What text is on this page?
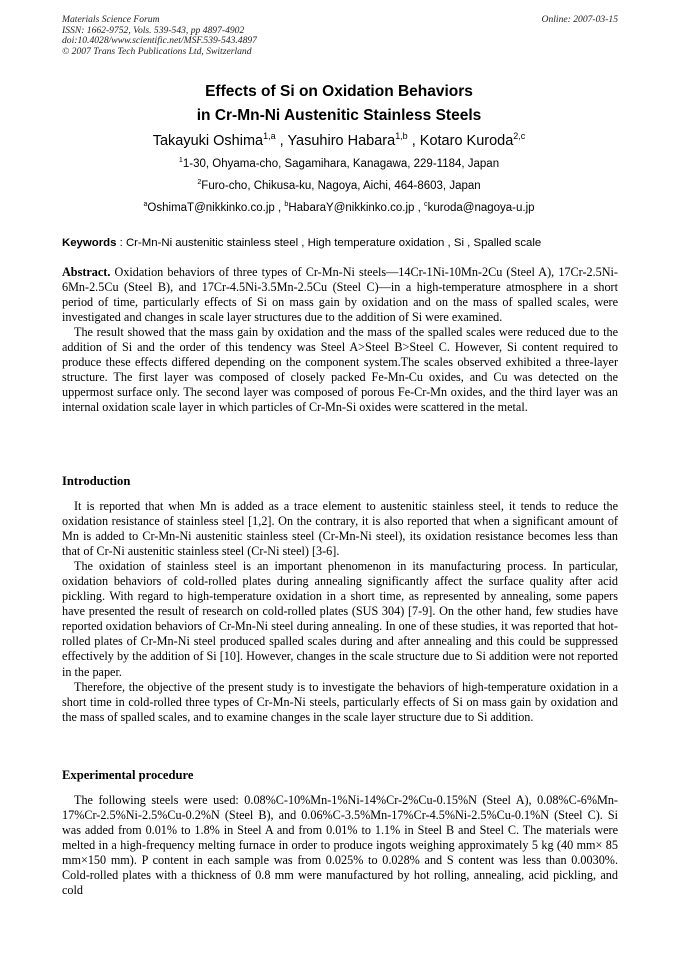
Materials Science Forum
ISSN: 1662-9752, Vols. 539-543, pp 4897-4902
doi:10.4028/www.scientific.net/MSF.539-543.4897
© 2007 Trans Tech Publications Ltd, Switzerland
Online: 2007-03-15
Effects of Si on Oxidation Behaviors
in Cr-Mn-Ni Austenitic Stainless Steels
Takayuki Oshima$^{1,a}$ , Yasuhiro Habara$^{1,b}$ , Kotaro Kuroda$^{2,c}$
$^1$1-30, Ohyama-cho, Sagamihara, Kanagawa, 229-1184, Japan
$^2$Furo-cho, Chikusa-ku, Nagoya, Aichi, 464-8603, Japan
$^a$OshimaT@nikkinko.co.jp , $^b$HabaraY@nikkinko.co.jp , $^c$kuroda@nagoya-u.jp
Keywords : Cr-Mn-Ni austenitic stainless steel , High temperature oxidation , Si , Spalled scale

Abstract. Oxidation behaviors of three types of Cr-Mn-Ni steels—14Cr-1Ni-10Mn-2Cu (Steel A), 17Cr-2.5Ni-6Mn-2.5Cu (Steel B), and 17Cr-4.5Ni-3.5Mn-2.5Cu (Steel C)—in a high-temperature atmosphere in a short period of time, particularly effects of Si on mass gain by oxidation and on the mass of spalled scales, were investigated and changes in scale layer structures due to the addition of Si were examined.

The result showed that the mass gain by oxidation and the mass of the spalled scales were reduced due to the addition of Si and the order of this tendency was Steel A>Steel B>Steel C. However, Si content required to produce these effects differed depending on the component system.The scales observed exhibited a three-layer structure. The first layer was composed of closely packed Fe-Mn-Cu oxides, and Cu was detected on the uppermost surface only. The second layer was composed of porous Fe-Cr-Mn oxides, and the third layer was an internal oxidation scale layer in which particles of Cr-Mn-Si oxides were scattered in the metal.

Introduction

It is reported that when Mn is added as a trace element to austenitic stainless steel, it tends to reduce the oxidation resistance of stainless steel [1,2]. On the contrary, it is also reported that when a significant amount of Mn is added to Cr-Mn-Ni austenitic stainless steel (Cr-Mn-Ni steel), its oxidation resistance becomes less than that of Cr-Ni austenitic stainless steel (Cr-Ni steel) [3-6].

The oxidation of stainless steel is an important phenomenon in its manufacturing process. In particular, oxidation behaviors of cold-rolled plates during annealing significantly affect the surface quality after acid pickling. With regard to high-temperature oxidation in a short time, as represented by annealing, some papers have presented the result of research on cold-rolled plates (SUS 304) [7-9]. On the other hand, few studies have reported oxidation behaviors of Cr-Mn-Ni steel during annealing. In one of these studies, it was reported that hot-rolled plates of Cr-Mn-Ni steel produced spalled scales during and after annealing and this could be suppressed effectively by the addition of Si [10]. However, changes in the scale structure due to Si addition were not reported in the paper.

Therefore, the objective of the present study is to investigate the behaviors of high-temperature oxidation in a short time in cold-rolled three types of Cr-Mn-Ni steels, particularly effects of Si on mass gain by oxidation and the mass of spalled scales, and to examine changes in the scale layer structure due to Si addition.

Experimental procedure

The following steels were used: 0.08%C-10%Mn-1%Ni-14%Cr-2%Cu-0.15%N (Steel A), 0.08%C-6%Mn-17%Cr-2.5%Ni-2.5%Cu-0.2%N (Steel B), and 0.06%C-3.5%Mn-17%Cr-4.5%Ni-2.5%Cu-0.1%N (Steel C). Si was added from 0.01% to 1.8% in Steel A and from 0.01% to 1.1% in Steel B and Steel C. The materials were melted in a high-frequency melting furnace in order to produce ingots weighing approximately 5 kg (40 mm× 85 mm×150 mm). P content in each sample was from 0.025% to 0.028% and S content was less than 0.0030%. Cold-rolled plates with a thickness of 0.8 mm were manufactured by hot rolling, annealing, acid pickling, and cold
